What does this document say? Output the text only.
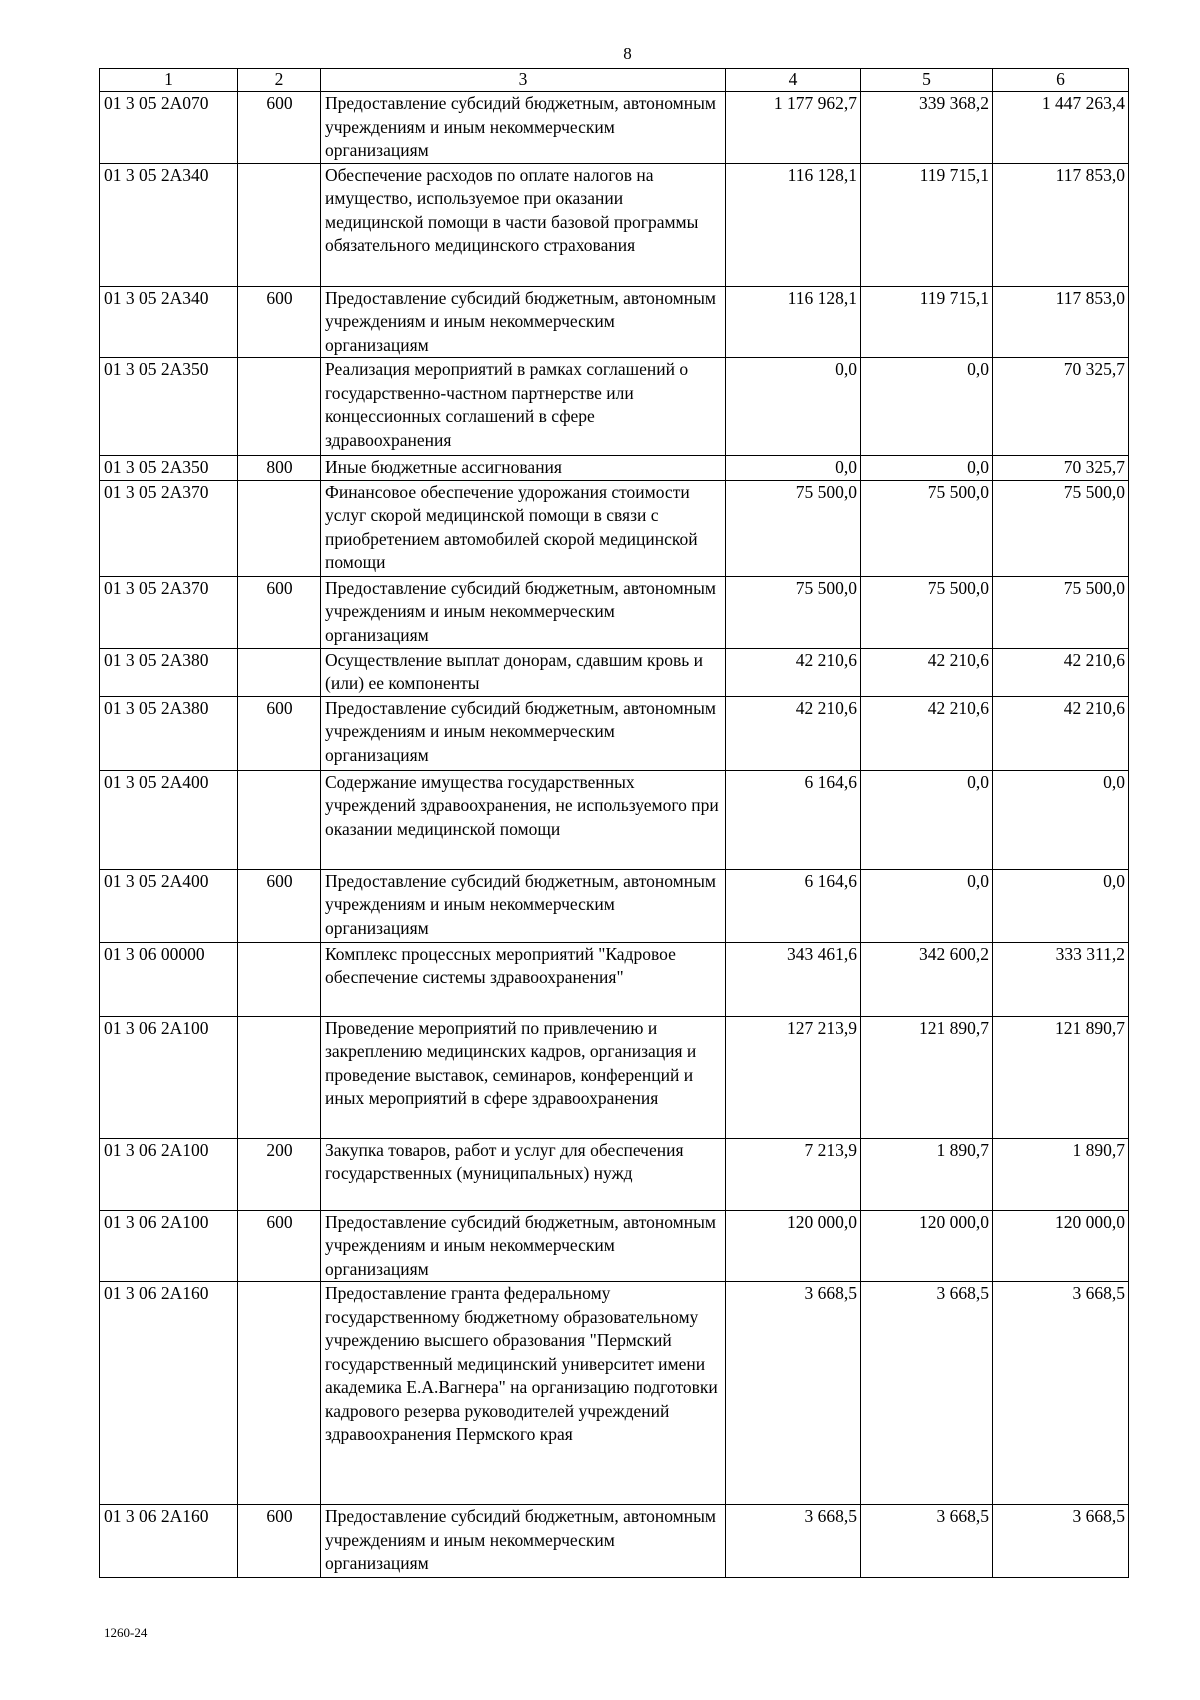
8
1	2	3	4	5	6
01 3 05 2А070	600	Предоставление субсидий бюджетным, автономным учреждениям и иным некоммерческим организациям	1 177 962,7	339 368,2	1 447 263,4
01 3 05 2А340		Обеспечение расходов по оплате налогов на имущество, используемое при оказании медицинской помощи в части базовой программы обязательного медицинского страхования	116 128,1	119 715,1	117 853,0
01 3 05 2А340	600	Предоставление субсидий бюджетным, автономным учреждениям и иным некоммерческим организациям	116 128,1	119 715,1	117 853,0
01 3 05 2А350		Реализация мероприятий в рамках соглашений о государственно-частном партнерстве или концессионных соглашений в сфере здравоохранения	0,0	0,0	70 325,7
01 3 05 2А350	800	Иные бюджетные ассигнования	0,0	0,0	70 325,7
01 3 05 2А370		Финансовое обеспечение удорожания стоимости услуг скорой медицинской помощи в связи с приобретением автомобилей скорой медицинской помощи	75 500,0	75 500,0	75 500,0
01 3 05 2А370	600	Предоставление субсидий бюджетным, автономным учреждениям и иным некоммерческим организациям	75 500,0	75 500,0	75 500,0
01 3 05 2А380		Осуществление выплат донорам, сдавшим кровь и (или) ее компоненты	42 210,6	42 210,6	42 210,6
01 3 05 2А380	600	Предоставление субсидий бюджетным, автономным учреждениям и иным некоммерческим организациям	42 210,6	42 210,6	42 210,6
01 3 05 2А400		Содержание имущества государственных учреждений здравоохранения, не используемого при оказании медицинской помощи	6 164,6	0,0	0,0
01 3 05 2А400	600	Предоставление субсидий бюджетным, автономным учреждениям и иным некоммерческим организациям	6 164,6	0,0	0,0
01 3 06 00000		Комплекс процессных мероприятий "Кадровое обеспечение системы здравоохранения"	343 461,6	342 600,2	333 311,2
01 3 06 2А100		Проведение мероприятий по привлечению и закреплению медицинских кадров, организация и проведение выставок, семинаров, конференций и иных мероприятий в сфере здравоохранения	127 213,9	121 890,7	121 890,7
01 3 06 2А100	200	Закупка товаров, работ и услуг для обеспечения государственных (муниципальных) нужд	7 213,9	1 890,7	1 890,7
01 3 06 2А100	600	Предоставление субсидий бюджетным, автономным учреждениям и иным некоммерческим организациям	120 000,0	120 000,0	120 000,0
01 3 06 2А160		Предоставление гранта федеральному государственному бюджетному образовательному учреждению высшего образования "Пермский государственный медицинский университет имени академика Е.А.Вагнера" на организацию подготовки кадрового резерва руководителей учреждений здравоохранения Пермского края	3 668,5	3 668,5	3 668,5
01 3 06 2А160	600	Предоставление субсидий бюджетным, автономным учреждениям и иным некоммерческим организациям	3 668,5	3 668,5	3 668,5
1260-24
